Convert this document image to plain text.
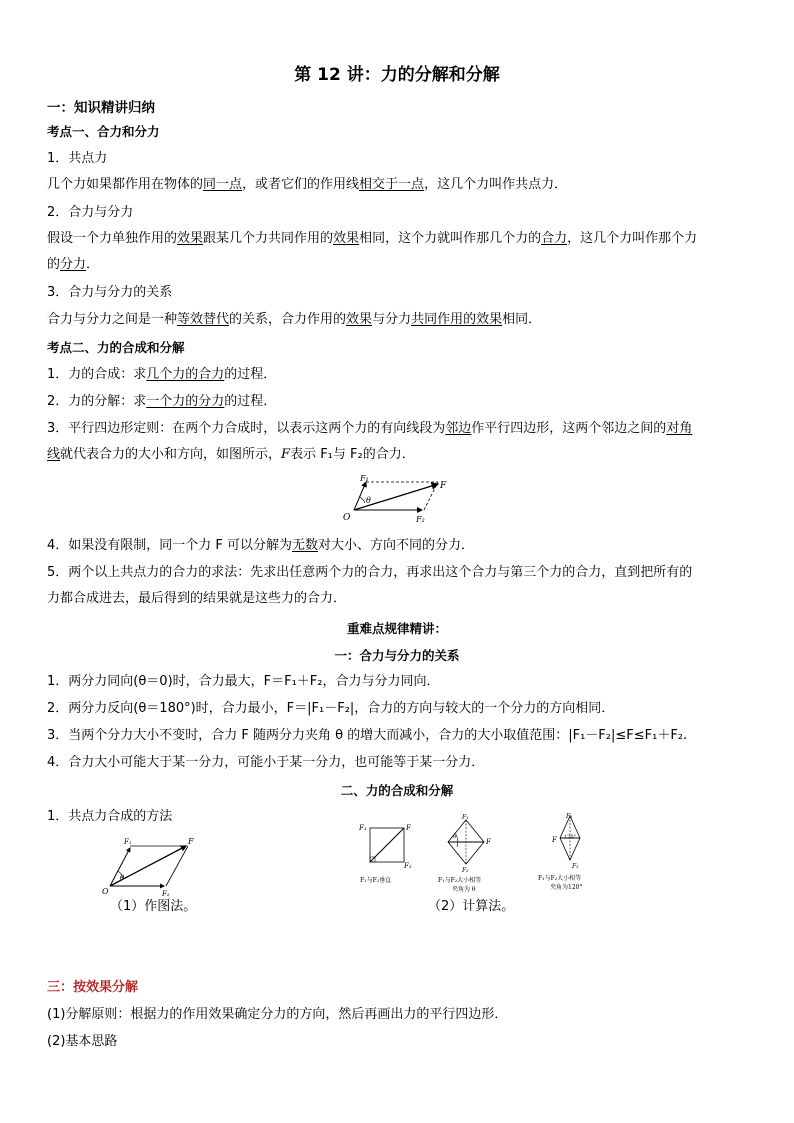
第 12 讲：力的分解和分解
一：知识精讲归纳
考点一、合力和分力
1．共点力
几个力如果都作用在物体的同一点，或者它们的作用线相交于一点，这几个力叫作共点力．
2．合力与分力
假设一个力单独作用的效果跟某几个力共同作用的效果相同，这个力就叫作那几个力的合力，这几个力叫作那个力
的分力．
3．合力与分力的关系
合力与分力之间是一种等效替代的关系，合力作用的效果与分力共同作用的效果相同．
考点二、力的合成和分解
1．力的合成：求几个力的合力的过程．
2．力的分解：求一个力的分力的过程．
3．平行四边形定则：在两个力合成时，以表示这两个力的有向线段为邻边作平行四边形，这两个邻边之间的对角
线就代表合力的大小和方向，如图所示，F表示 F₁与 F₂的合力．
F₁
F
O
θ
F₂
4．如果没有限制，同一个力 F 可以分解为无数对大小、方向不同的分力．
5．两个以上共点力的合力的求法：先求出任意两个力的合力，再求出这个合力与第三个力的合力，直到把所有的
力都合成进去，最后得到的结果就是这些力的合力．
重难点规律精讲：
一：合力与分力的关系
1．两分力同向(θ＝0)时，合力最大，F＝F₁＋F₂，合力与分力同向．
2．两分力反向(θ＝180°)时，合力最小，F＝|F₁－F₂|，合力的方向与较大的一个分力的方向相同．
3．当两个分力大小不变时，合力 F 随两分力夹角 θ 的增大而减小，合力的大小取值范围：|F₁－F₂|≤F≤F₁＋F₂.
4．合力大小可能大于某一分力，可能小于某一分力，也可能等于某一分力．
二、力的合成和分解
1．共点力合成的方法
F₁	F
O
θ
F₂
F₁	F
F₂
F₁与F₂垂直
θ
F₁
F
F₂
F₁与F₂大小相等
夹角为 θ
F₁
F 120°
F₂
F₁与F₂大小相等
夹角为120°
（1）作图法。	（2）计算法。
三：按效果分解
(1)分解原则：根据力的作用效果确定分力的方向，然后再画出力的平行四边形．
(2)基本思路
